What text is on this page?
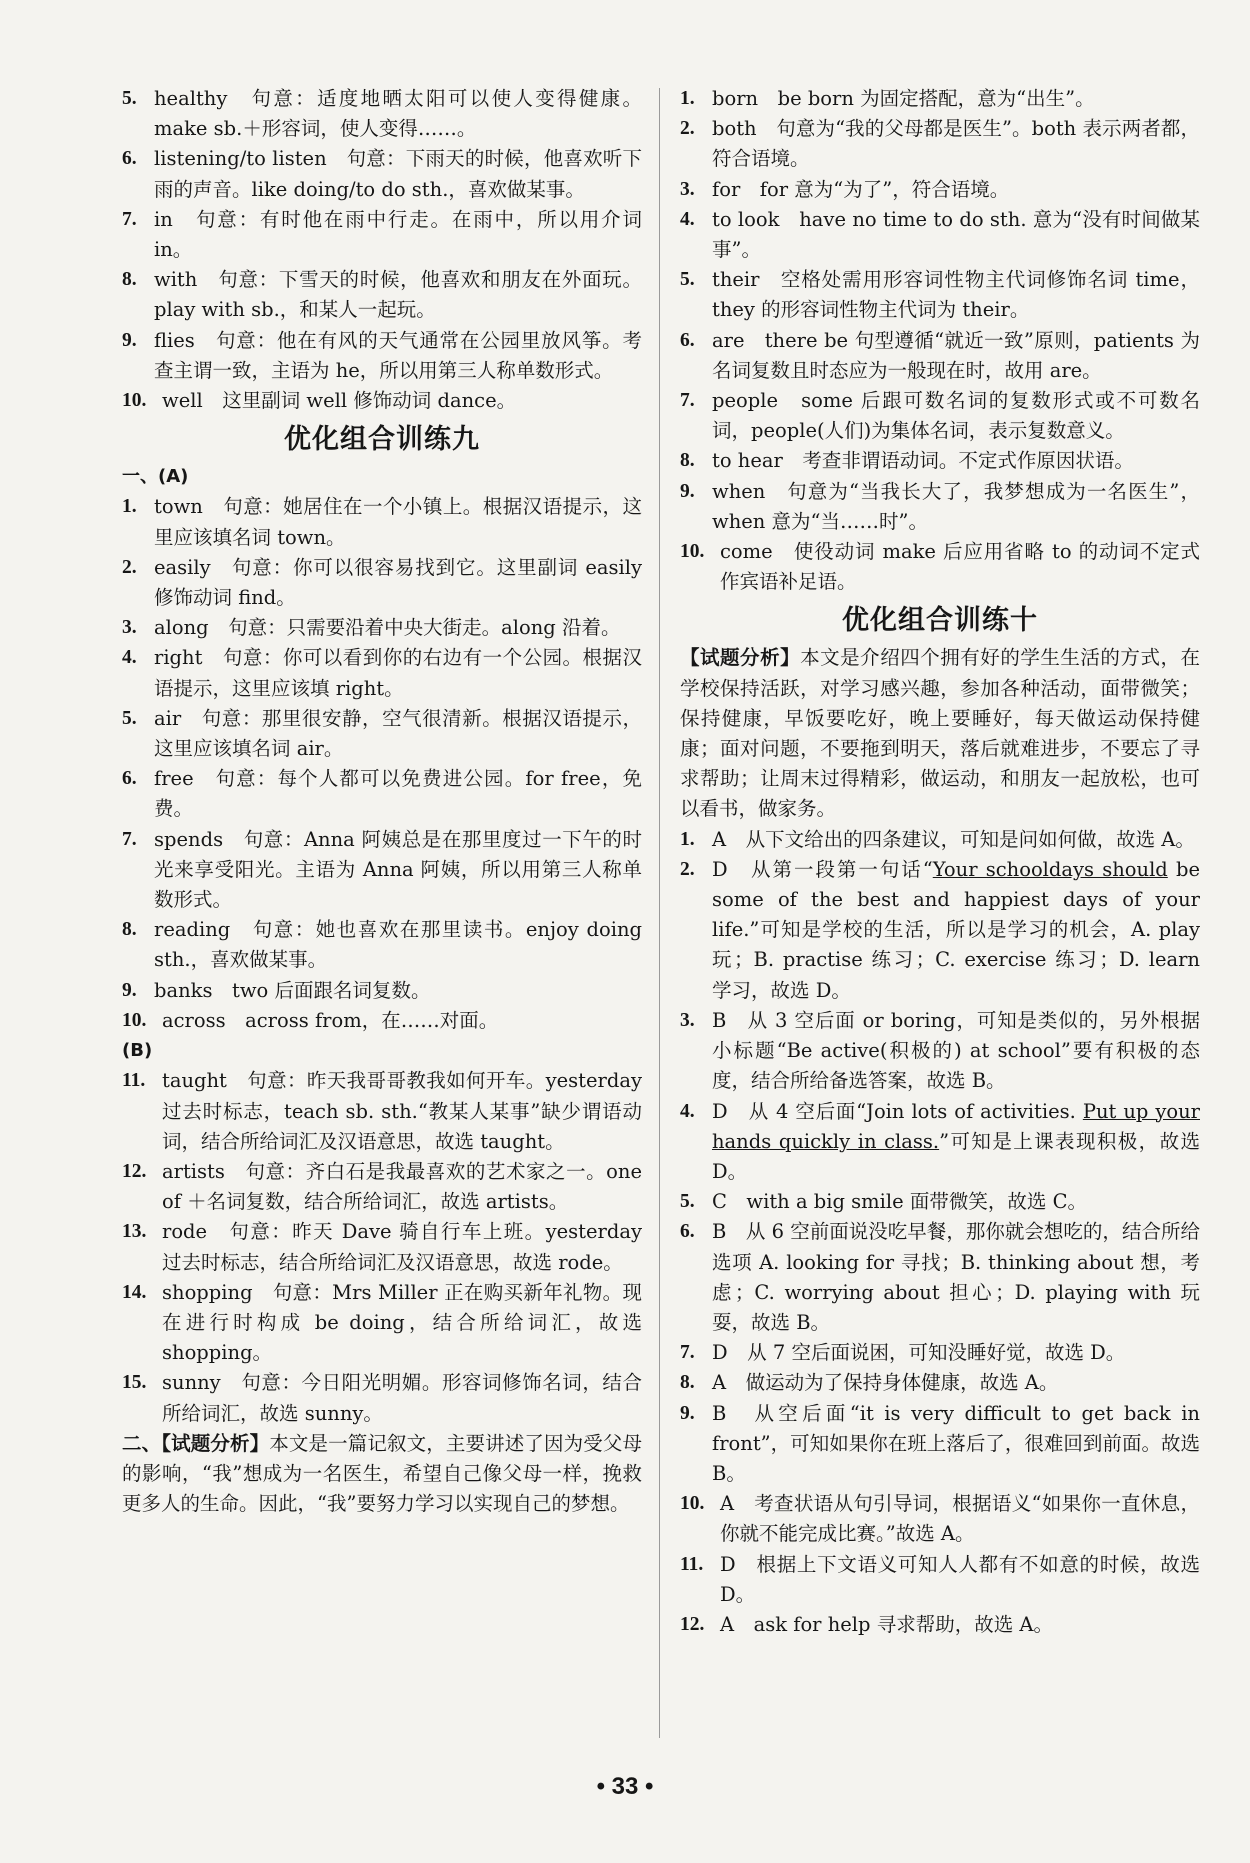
5. healthy　句意：适度地晒太阳可以使人变得健康。make sb.＋形容词，使人变得……。

6. listening/to listen　句意：下雨天的时候，他喜欢听下雨的声音。like doing/to do sth.，喜欢做某事。

7. in　句意：有时他在雨中行走。在雨中，所以用介词 in。

8. with　句意：下雪天的时候，他喜欢和朋友在外面玩。play with sb.，和某人一起玩。

9. flies　句意：他在有风的天气通常在公园里放风筝。考查主谓一致，主语为 he，所以用第三人称单数形式。

10. well　这里副词 well 修饰动词 dance。

优化组合训练九

一、(A)

1. town　句意：她居住在一个小镇上。根据汉语提示，这里应该填名词 town。

2. easily　句意：你可以很容易找到它。这里副词 easily 修饰动词 find。

3. along　句意：只需要沿着中央大街走。along 沿着。

4. right　句意：你可以看到你的右边有一个公园。根据汉语提示，这里应该填 right。

5. air　句意：那里很安静，空气很清新。根据汉语提示，这里应该填名词 air。

6. free　句意：每个人都可以免费进公园。for free，免费。

7. spends　句意：Anna 阿姨总是在那里度过一下午的时光来享受阳光。主语为 Anna 阿姨，所以用第三人称单数形式。

8. reading　句意：她也喜欢在那里读书。enjoy doing sth.，喜欢做某事。

9. banks　two 后面跟名词复数。

10. across　across from，在……对面。

(B)

11. taught　句意：昨天我哥哥教我如何开车。yesterday 过去时标志，teach sb. sth.“教某人某事”缺少谓语动词，结合所给词汇及汉语意思，故选 taught。

12. artists　句意：齐白石是我最喜欢的艺术家之一。one of ＋名词复数，结合所给词汇，故选 artists。

13. rode　句意：昨天 Dave 骑自行车上班。yesterday 过去时标志，结合所给词汇及汉语意思，故选 rode。

14. shopping　句意：Mrs Miller 正在购买新年礼物。现在进行时构成 be doing，结合所给词汇，故选 shopping。

15. sunny　句意：今日阳光明媚。形容词修饰名词，结合所给词汇，故选 sunny。

二、【试题分析】本文是一篇记叙文，主要讲述了因为受父母的影响，“我”想成为一名医生，希望自己像父母一样，挽救更多人的生命。因此，“我”要努力学习以实现自己的梦想。

1. born　be born 为固定搭配，意为“出生”。

2. both　句意为“我的父母都是医生”。both 表示两者都，符合语境。

3. for　for 意为“为了”，符合语境。

4. to look　have no time to do sth. 意为“没有时间做某事”。

5. their　空格处需用形容词性物主代词修饰名词 time，they 的形容词性物主代词为 their。

6. are　there be 句型遵循“就近一致”原则，patients 为名词复数且时态应为一般现在时，故用 are。

7. people　some 后跟可数名词的复数形式或不可数名词，people(人们)为集体名词，表示复数意义。

8. to hear　考查非谓语动词。不定式作原因状语。

9. when　句意为“当我长大了，我梦想成为一名医生”，when 意为“当……时”。

10. come　使役动词 make 后应用省略 to 的动词不定式作宾语补足语。

优化组合训练十

【试题分析】本文是介绍四个拥有好的学生生活的方式，在学校保持活跃，对学习感兴趣，参加各种活动，面带微笑；保持健康，早饭要吃好，晚上要睡好，每天做运动保持健康；面对问题，不要拖到明天，落后就难进步，不要忘了寻求帮助；让周末过得精彩，做运动，和朋友一起放松，也可以看书，做家务。

1. A　从下文给出的四条建议，可知是问如何做，故选 A。

2. D　从第一段第一句话“Your schooldays should be some of the best and happiest days of your life.”可知是学校的生活，所以是学习的机会，A. play 玩；B. practise 练习；C. exercise 练习；D. learn 学习，故选 D。

3. B　从 3 空后面 or boring，可知是类似的，另外根据小标题“Be active(积极的) at school”要有积极的态度，结合所给备选答案，故选 B。

4. D　从 4 空后面“Join lots of activities. Put up your hands quickly in class.”可知是上课表现积极，故选 D。

5. C　with a big smile 面带微笑，故选 C。

6. B　从 6 空前面说没吃早餐，那你就会想吃的，结合所给选项 A. looking for 寻找；B. thinking about 想，考虑；C. worrying about 担心；D. playing with 玩耍，故选 B。

7. D　从 7 空后面说困，可知没睡好觉，故选 D。

8. A　做运动为了保持身体健康，故选 A。

9. B　从空后面“it is very difficult to get back in front”，可知如果你在班上落后了，很难回到前面。故选 B。

10. A　考查状语从句引导词，根据语义“如果你一直休息，你就不能完成比赛。”故选 A。

11. D　根据上下文语义可知人人都有不如意的时候，故选 D。

12. A　ask for help 寻求帮助，故选 A。

• 33 •
